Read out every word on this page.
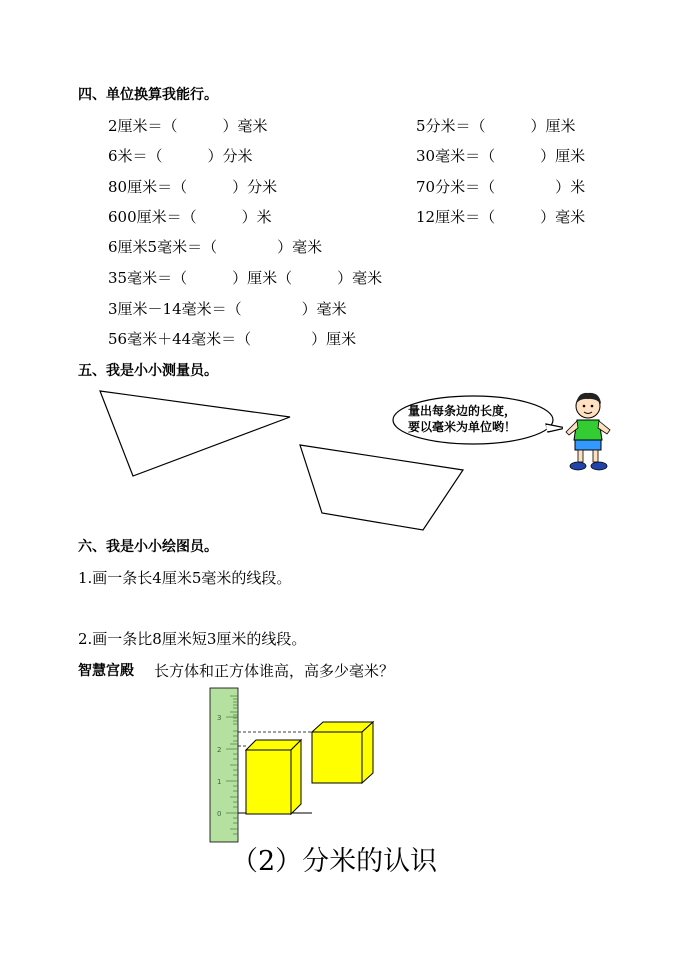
四、单位换算我能行。
2厘米＝（　　　）毫米
6米＝（　　　）分米
80厘米＝（　　　）分米
600厘米＝（　　　）米
6厘米5毫米＝（　　　　）毫米
35毫米＝（　　　）厘米（　　　）毫米
3厘米－14毫米＝（　　　　）毫米
56毫米＋44毫米＝（　　　　）厘米
5分米＝（　　　）厘米
30毫米＝（　　　）厘米
70分米＝（　　　　）米
12厘米＝（　　　）毫米
五、我是小小测量员。
量出每条边的长度，
要以毫米为单位哟！
六、我是小小绘图员。
1.画一条长4厘米5毫米的线段。
2.画一条比8厘米短3厘米的线段。
智慧宫殿 长方体和正方体谁高，高多少毫米？
3
2
1
0
（2）分米的认识
